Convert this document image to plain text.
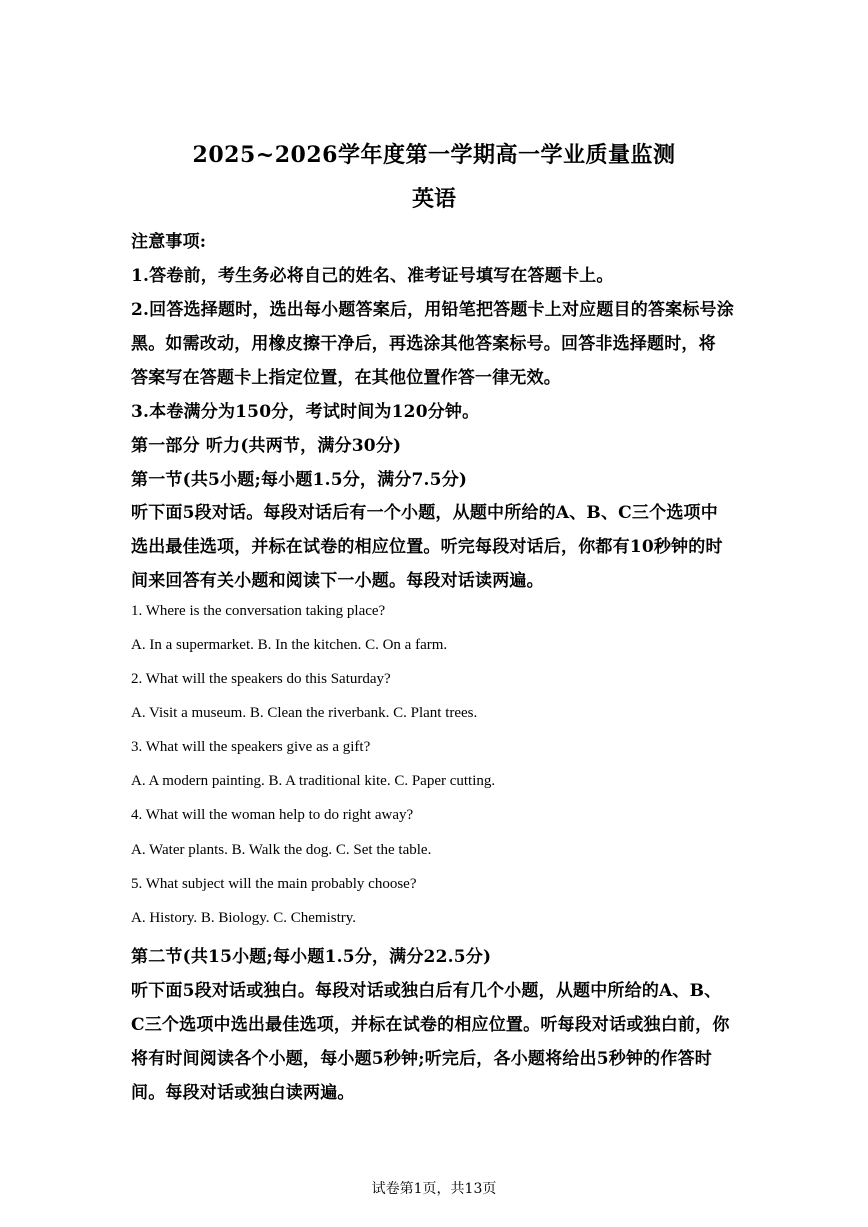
2025~2026学年度第一学期高一学业质量监测
英语
注意事项:
1.答卷前，考生务必将自己的姓名、准考证号填写在答题卡上。
2.回答选择题时，选出每小题答案后，用铅笔把答题卡上对应题目的答案标号涂
黑。如需改动，用橡皮擦干净后，再选涂其他答案标号。回答非选择题时，将
答案写在答题卡上指定位置，在其他位置作答一律无效。
3.本卷满分为150分，考试时间为120分钟。
第一部分 听力(共两节，满分30分)
第一节(共5小题;每小题1.5分，满分7.5分)
听下面5段对话。每段对话后有一个小题，从题中所给的A、B、C三个选项中
选出最佳选项，并标在试卷的相应位置。听完每段对话后，你都有10秒钟的时
间来回答有关小题和阅读下一小题。每段对话读两遍。
1. Where is the conversation taking place?
A. In a supermarket. B. In the kitchen. C. On a farm.
2. What will the speakers do this Saturday?
A. Visit a museum. B. Clean the riverbank. C. Plant trees.
3. What will the speakers give as a gift?
A. A modern painting. B. A traditional kite. C. Paper cutting.
4. What will the woman help to do right away?
A. Water plants. B. Walk the dog. C. Set the table.
5. What subject will the main probably choose?
A. History. B. Biology. C. Chemistry.
第二节(共15小题;每小题1.5分，满分22.5分)
听下面5段对话或独白。每段对话或独白后有几个小题，从题中所给的A、B、
C三个选项中选出最佳选项，并标在试卷的相应位置。听每段对话或独白前，你
将有时间阅读各个小题，每小题5秒钟;听完后，各小题将给出5秒钟的作答时
间。每段对话或独白读两遍。
试卷第1页，共13页
